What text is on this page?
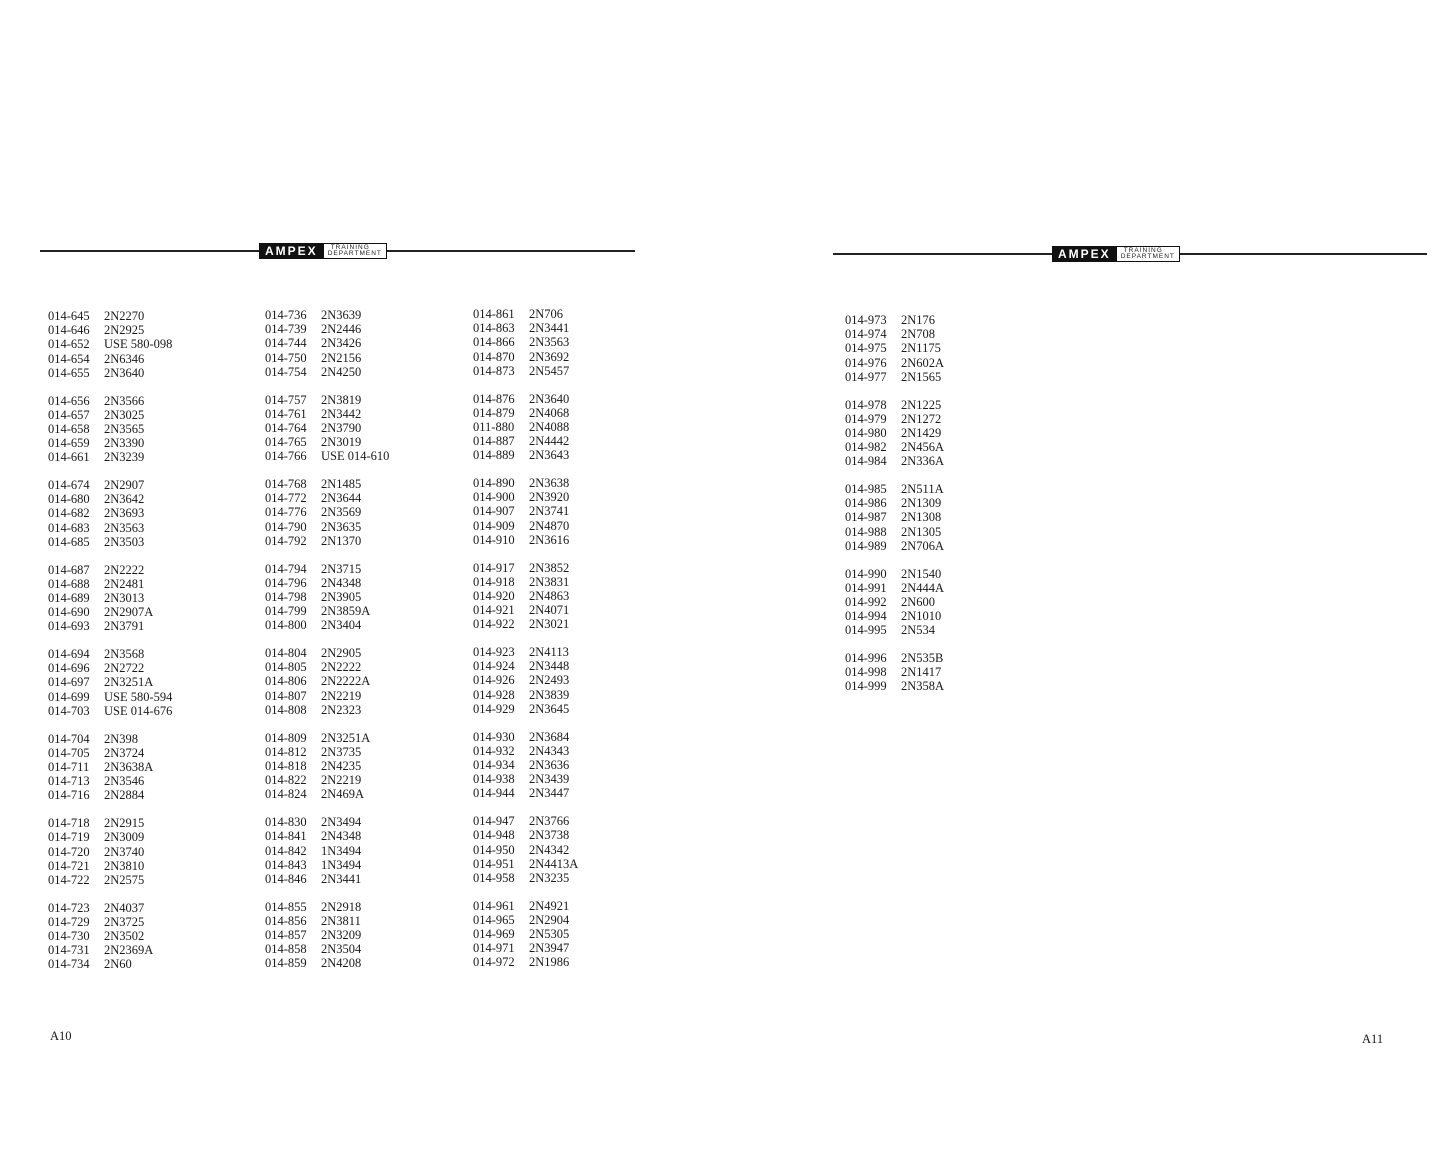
AMPEX	TRAINING
DEPARTMENT
014-645	2N2270
014-646	2N2925
014-652	USE 580-098
014-654	2N6346
014-655	2N3640
014-656	2N3566
014-657	2N3025
014-658	2N3565
014-659	2N3390
014-661	2N3239
014-674	2N2907
014-680	2N3642
014-682	2N3693
014-683	2N3563
014-685	2N3503
014-687	2N2222
014-688	2N2481
014-689	2N3013
014-690	2N2907A
014-693	2N3791
014-694	2N3568
014-696	2N2722
014-697	2N3251A
014-699	USE 580-594
014-703	USE 014-676
014-704	2N398
014-705	2N3724
014-711	2N3638A
014-713	2N3546
014-716	2N2884
014-718	2N2915
014-719	2N3009
014-720	2N3740
014-721	2N3810
014-722	2N2575
014-723	2N4037
014-729	2N3725
014-730	2N3502
014-731	2N2369A
014-734	2N60
014-736	2N3639
014-739	2N2446
014-744	2N3426
014-750	2N2156
014-754	2N4250
014-757	2N3819
014-761	2N3442
014-764	2N3790
014-765	2N3019
014-766	USE 014-610
014-768	2N1485
014-772	2N3644
014-776	2N3569
014-790	2N3635
014-792	2N1370
014-794	2N3715
014-796	2N4348
014-798	2N3905
014-799	2N3859A
014-800	2N3404
014-804	2N2905
014-805	2N2222
014-806	2N2222A
014-807	2N2219
014-808	2N2323
014-809	2N3251A
014-812	2N3735
014-818	2N4235
014-822	2N2219
014-824	2N469A
014-830	2N3494
014-841	2N4348
014-842	1N3494
014-843	1N3494
014-846	2N3441
014-855	2N2918
014-856	2N3811
014-857	2N3209
014-858	2N3504
014-859	2N4208
014-861	2N706
014-863	2N3441
014-866	2N3563
014-870	2N3692
014-873	2N5457
014-876	2N3640
014-879	2N4068
011-880	2N4088
014-887	2N4442
014-889	2N3643
014-890	2N3638
014-900	2N3920
014-907	2N3741
014-909	2N4870
014-910	2N3616
014-917	2N3852
014-918	2N3831
014-920	2N4863
014-921	2N4071
014-922	2N3021
014-923	2N4113
014-924	2N3448
014-926	2N2493
014-928	2N3839
014-929	2N3645
014-930	2N3684
014-932	2N4343
014-934	2N3636
014-938	2N3439
014-944	2N3447
014-947	2N3766
014-948	2N3738
014-950	2N4342
014-951	2N4413A
014-958	2N3235
014-961	2N4921
014-965	2N2904
014-969	2N5305
014-971	2N3947
014-972	2N1986
A10
AMPEX	TRAINING
DEPARTMENT
014-973	2N176
014-974	2N708
014-975	2N1175
014-976	2N602A
014-977	2N1565
014-978	2N1225
014-979	2N1272
014-980	2N1429
014-982	2N456A
014-984	2N336A
014-985	2N511A
014-986	2N1309
014-987	2N1308
014-988	2N1305
014-989	2N706A
014-990	2N1540
014-991	2N444A
014-992	2N600
014-994	2N1010
014-995	2N534
014-996	2N535B
014-998	2N1417
014-999	2N358A
A11
